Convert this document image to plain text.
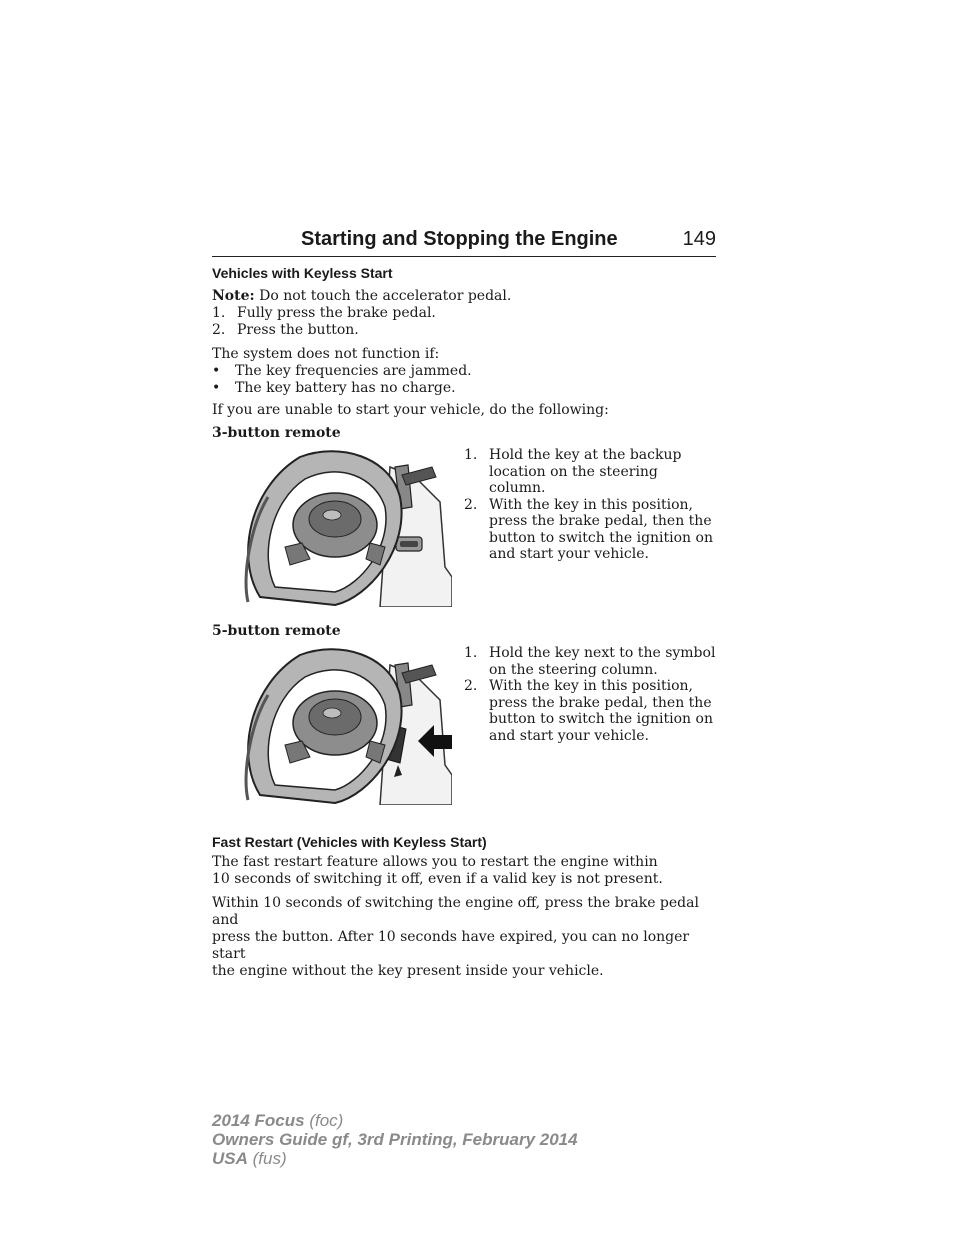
Starting and Stopping the Engine	149
Vehicles with Keyless Start

Note: Do not touch the accelerator pedal.

1. Fully press the brake pedal.
2. Press the button.

The system does not function if:

•	The key frequencies are jammed.
•	The key battery has no charge.

If you are unable to start your vehicle, do the following:

3-button remote

1. Hold the key at the backup
location on the steering column.
2. With the key in this position,
press the brake pedal, then the
button to switch the ignition on
and start your vehicle.

5-button remote

1. Hold the key next to the symbol
on the steering column.
2. With the key in this position,
press the brake pedal, then the
button to switch the ignition on
and start your vehicle.
Fast Restart (Vehicles with Keyless Start)

The fast restart feature allows you to restart the engine within
10 seconds of switching it off, even if a valid key is not present.

Within 10 seconds of switching the engine off, press the brake pedal and
press the button. After 10 seconds have expired, you can no longer start
the engine without the key present inside your vehicle.

2014 Focus (foc)
Owners Guide gf, 3rd Printing, February 2014
USA (fus)
